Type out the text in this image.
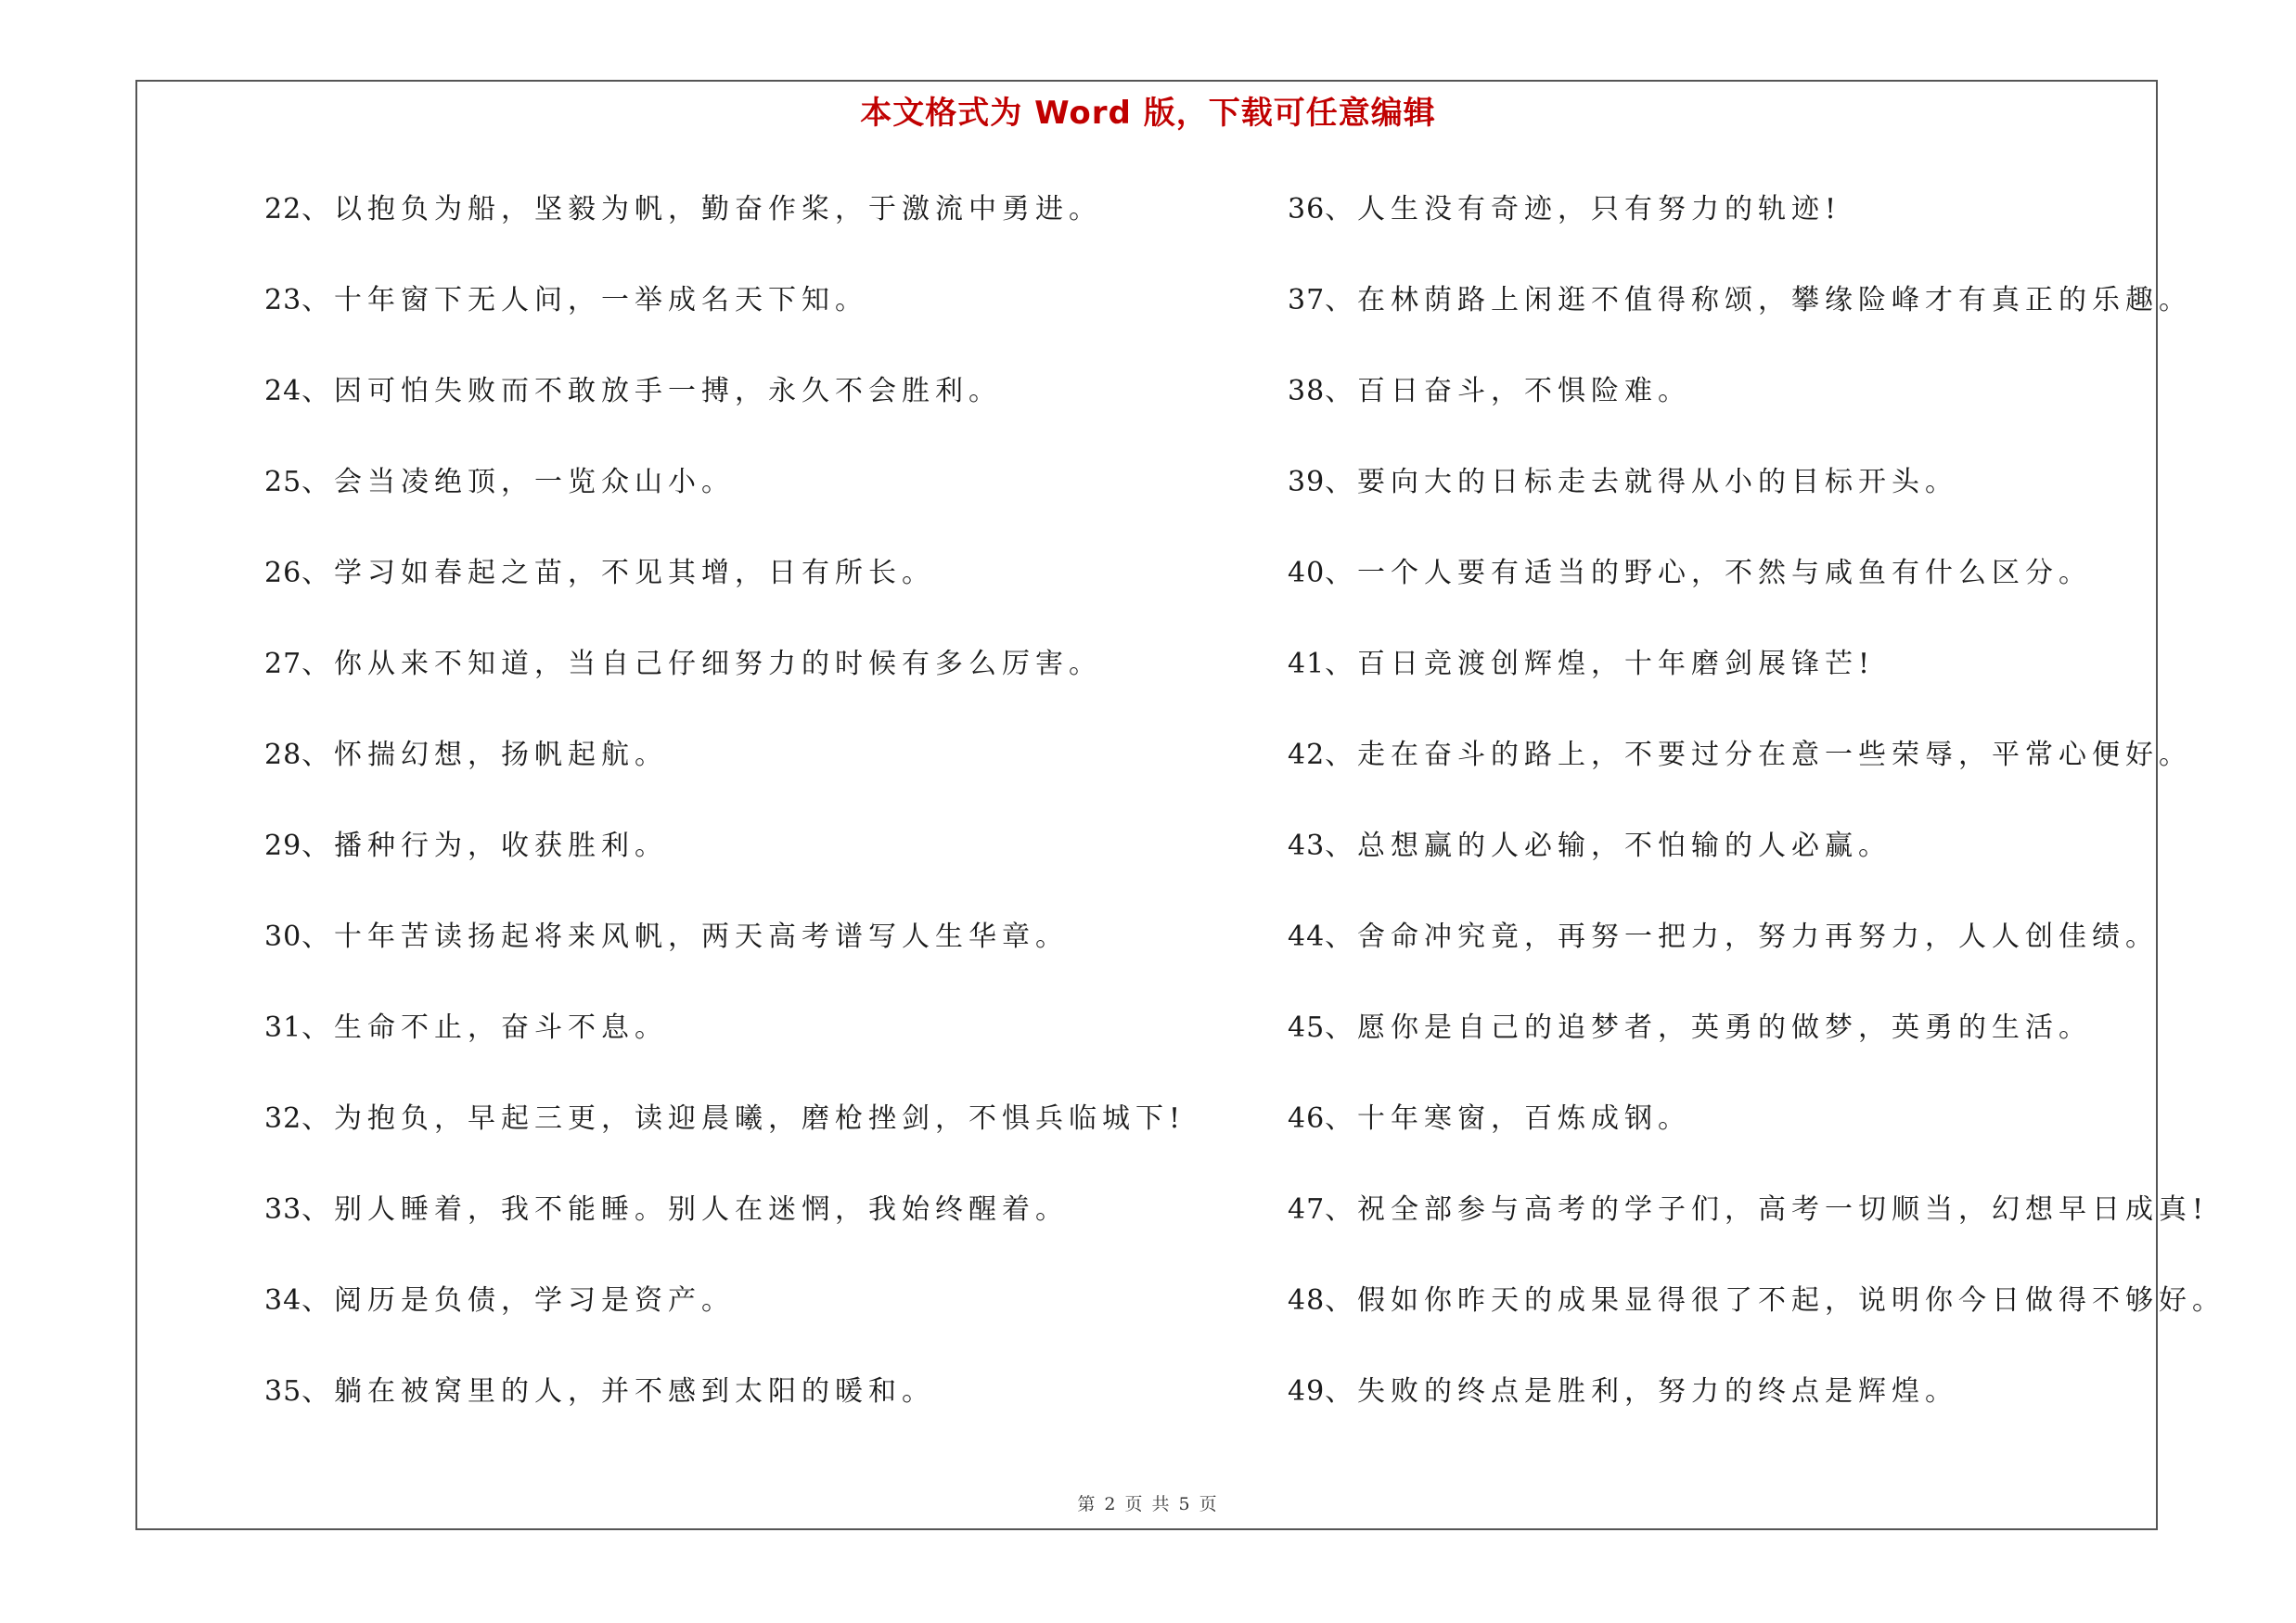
本文格式为 Word 版，下载可任意编辑
22、 以抱负为船，坚毅为帆，勤奋作桨，于激流中勇进。
23、 十年窗下无人问，一举成名天下知。
24、 因可怕失败而不敢放手一搏，永久不会胜利。
25、 会当凌绝顶，一览众山小。
26、 学习如春起之苗，不见其增，日有所长。
27、 你从来不知道，当自己仔细努力的时候有多么厉害。
28、 怀揣幻想，扬帆起航。
29、 播种行为，收获胜利。
30、 十年苦读扬起将来风帆，两天高考谱写人生华章。
31、 生命不止，奋斗不息。
32、 为抱负，早起三更，读迎晨曦，磨枪挫剑，不惧兵临城下!
33、 别人睡着，我不能睡。别人在迷惘，我始终醒着。
34、 阅历是负债，学习是资产。
35、 躺在被窝里的人，并不感到太阳的暖和。
36、 人生没有奇迹，只有努力的轨迹!
37、 在林荫路上闲逛不值得称颂，攀缘险峰才有真正的乐趣。
38、 百日奋斗，不惧险难。
39、 要向大的日标走去就得从小的目标开头。
40、 一个人要有适当的野心，不然与咸鱼有什么区分。
41、 百日竞渡创辉煌，十年磨剑展锋芒!
42、 走在奋斗的路上，不要过分在意一些荣辱，平常心便好。
43、 总想赢的人必输，不怕输的人必赢。
44、 舍命冲究竟，再努一把力，努力再努力，人人创佳绩。
45、 愿你是自己的追梦者，英勇的做梦，英勇的生活。
46、 十年寒窗，百炼成钢。
47、 祝全部参与高考的学子们，高考一切顺当，幻想早日成真!
48、 假如你昨天的成果显得很了不起，说明你今日做得不够好。
49、 失败的终点是胜利，努力的终点是辉煌。
第 2 页 共 5 页
